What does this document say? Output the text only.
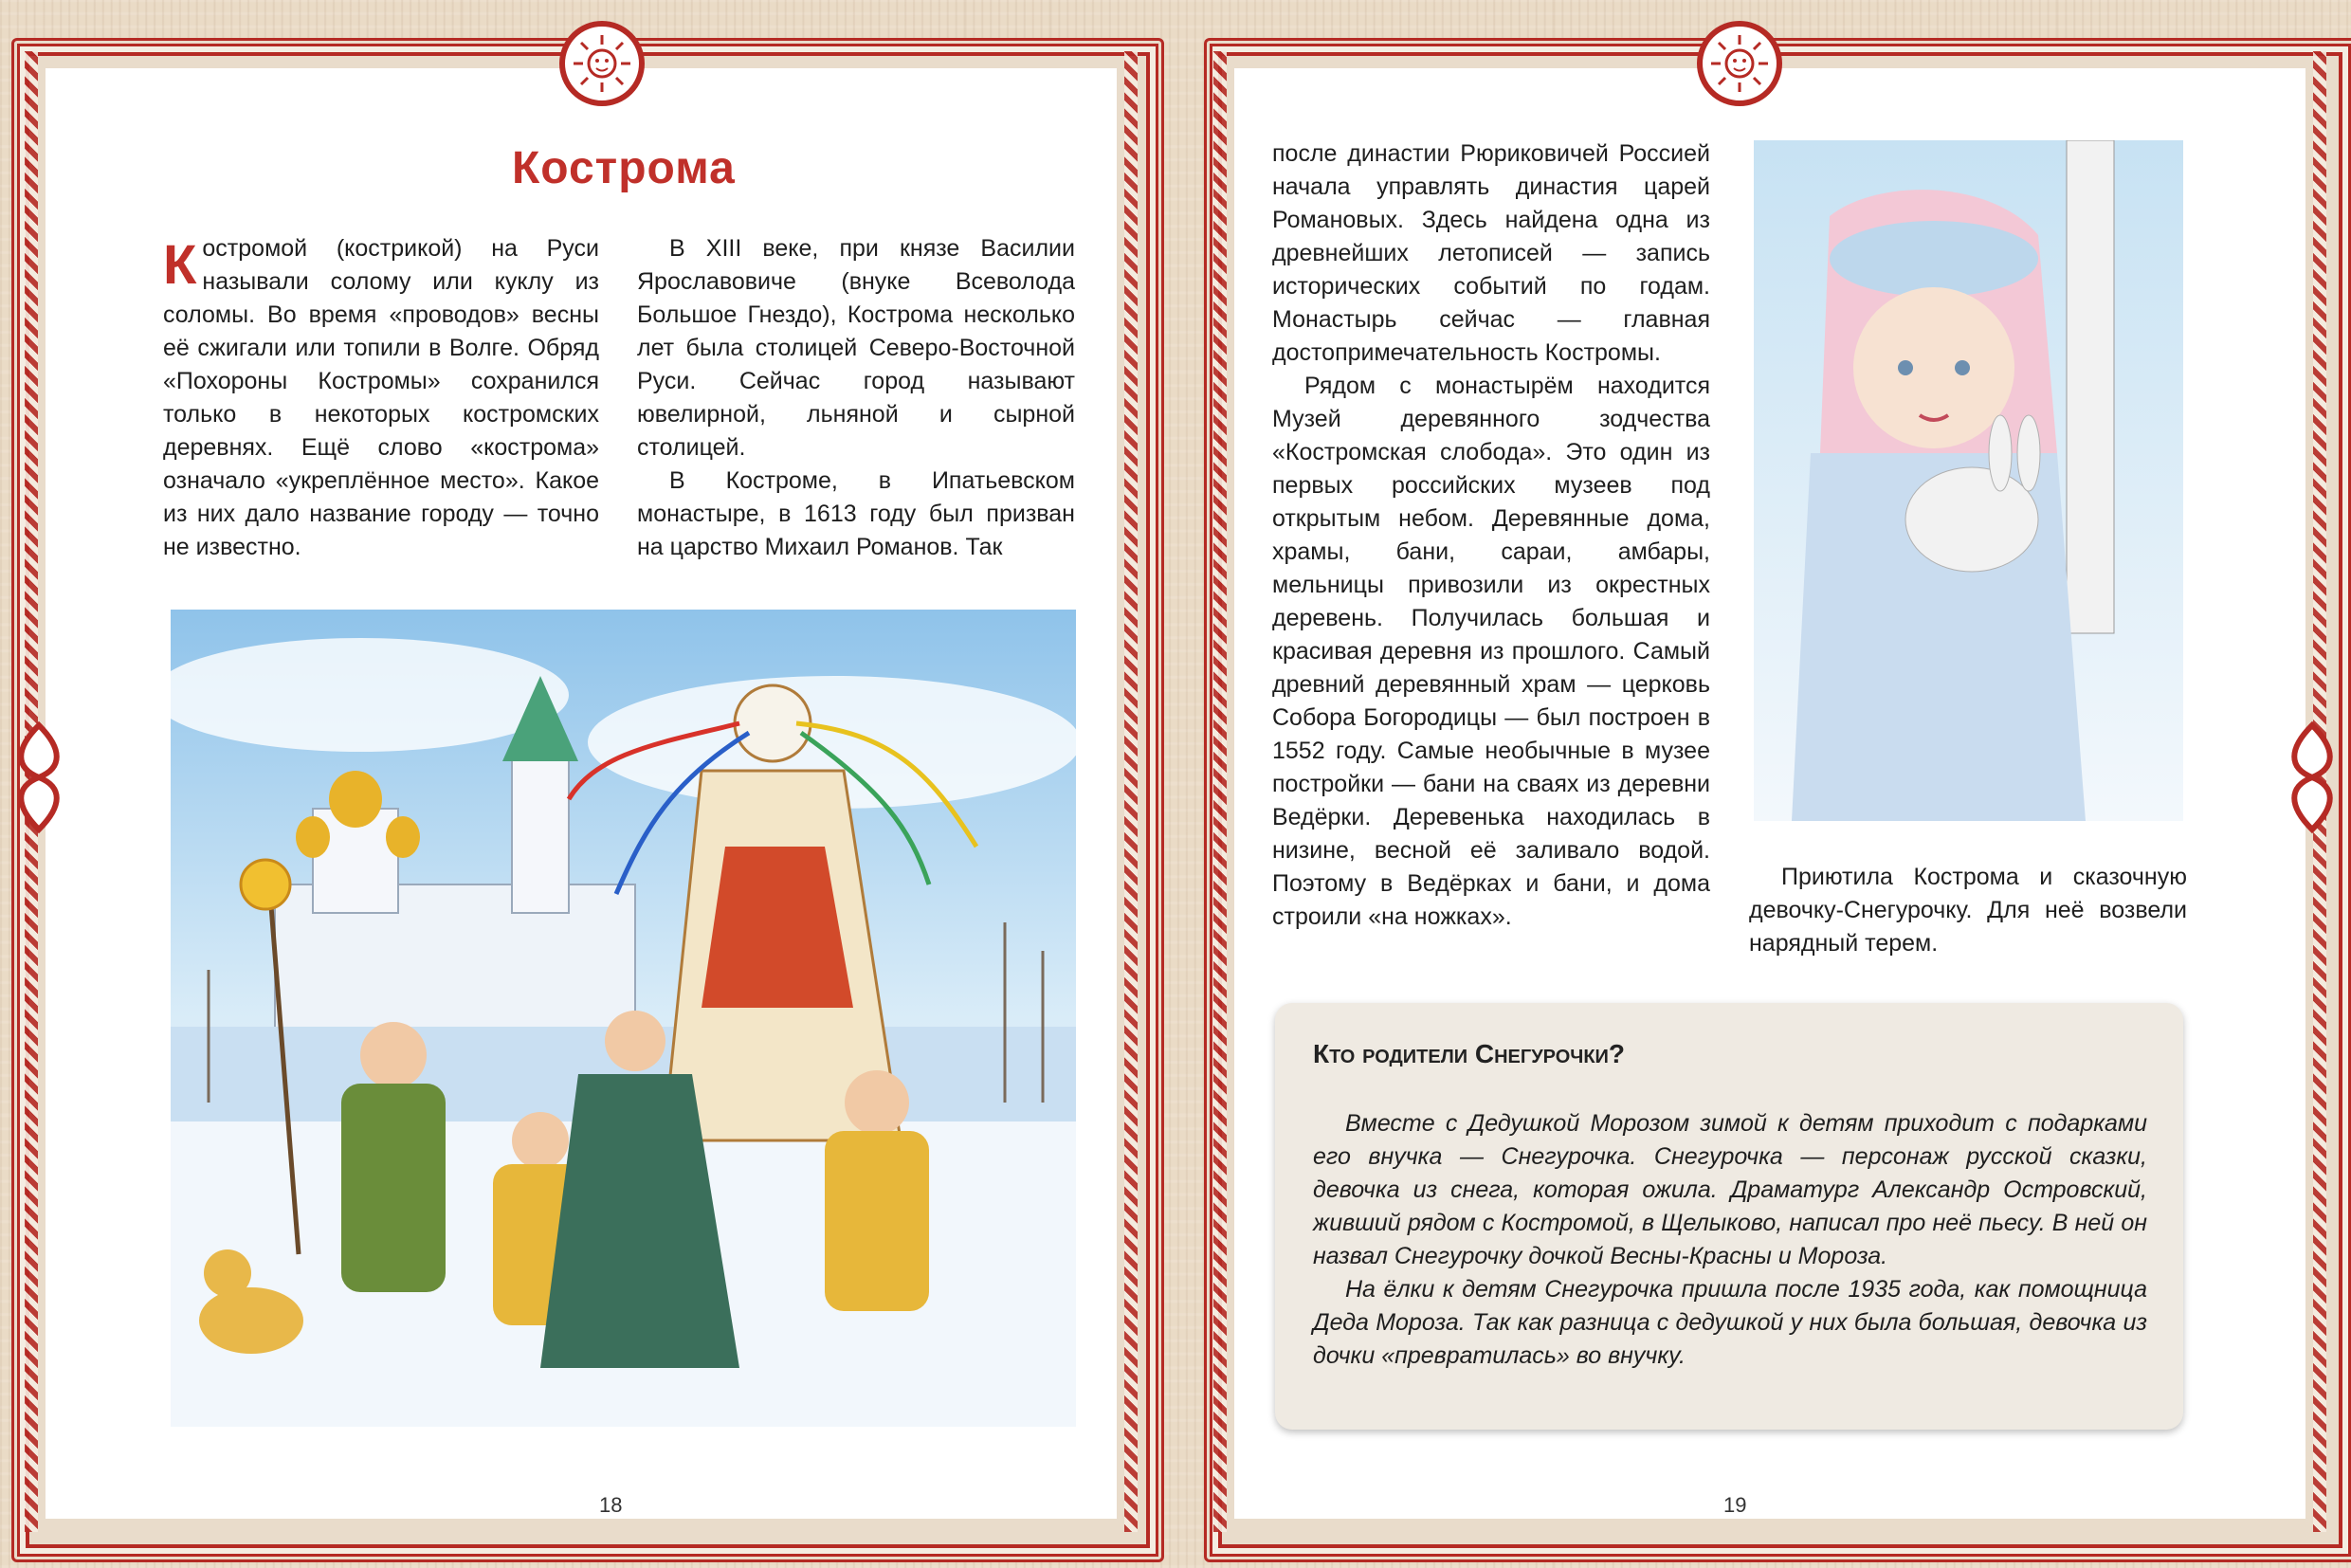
Кострома

Костромой (кострикой) на Руси называли солому или куклу из соломы. Во время «проводов» весны её сжигали или топили в Волге. Обряд «Похороны Костромы» сохранился только в некоторых костромских деревнях. Ещё слово «кострома» означало «укреплённое место». Какое из них дало название городу — точно не известно.

В XIII веке, при князе Василии Ярославовиче (внуке Всеволода Большое Гнездо), Кострома несколько лет была столицей Северо-Восточной Руси. Сейчас город называют ювелирной, льняной и сырной столицей.

В Костроме, в Ипатьевском монастыре, в 1613 году был призван на царство Михаил Романов. Так

18

после династии Рюриковичей Россией начала управлять династия царей Романовых. Здесь найдена одна из древнейших летописей — запись исторических событий по годам. Монастырь сейчас — главная достопримечательность Костромы.

Рядом с монастырём находится Музей деревянного зодчества «Костромская слобода». Это один из первых российских музеев под открытым небом. Деревянные дома, храмы, бани, сараи, амбары, мельницы привозили из окрестных деревень. Получилась большая и красивая деревня из прошлого. Самый древний деревянный храм — церковь Собора Богородицы — был построен в 1552 году. Самые необычные в музее постройки — бани на сваях из деревни Ведёрки. Деревенька находилась в низине, весной её заливало водой. Поэтому в Ведёрках и бани, и дома строили «на ножках».

Приютила Кострома и сказочную девочку-Снегурочку. Для неё возвели нарядный терем.
Кто родители Снегурочки?

Вместе с Дедушкой Морозом зимой к детям приходит с подарками его внучка — Снегурочка. Снегурочка — персонаж русской сказки, девочка из снега, которая ожила. Драматург Александр Островский, живший рядом с Костромой, в Щелыково, написал про неё пьесу. В ней он назвал Снегурочку дочкой Весны-Красны и Мороза.

На ёлки к детям Снегурочка пришла после 1935 года, как помощница Деда Мороза. Так как разница с дедушкой у них была большая, девочка из дочки «превратилась» во внучку.

19
